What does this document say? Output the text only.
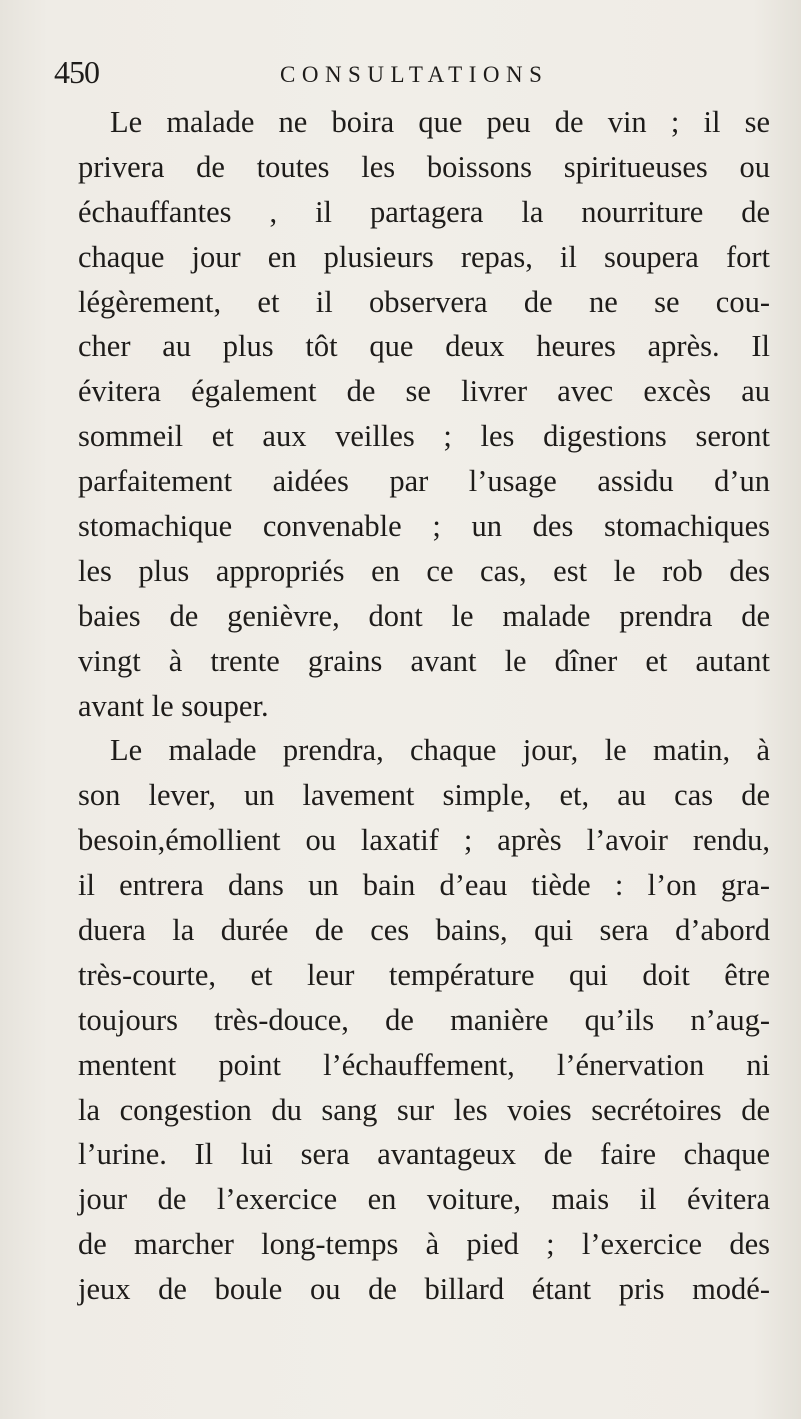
450	CONSULTATIONS
Le malade ne boira que peu de vin ; il se
privera de toutes les boissons spiritueuses ou
échauffantes , il partagera la nourriture de
chaque jour en plusieurs repas, il soupera fort
légèrement, et il observera de ne se cou-
cher au plus tôt que deux heures après. Il
évitera également de se livrer avec excès au
sommeil et aux veilles ; les digestions seront
parfaitement aidées par l’usage assidu d’un
stomachique convenable ; un des stomachiques
les plus appropriés en ce cas, est le rob des
baies de genièvre, dont le malade prendra de
vingt à trente grains avant le dîner et autant
avant le souper.
Le malade prendra, chaque jour, le matin, à
son lever, un lavement simple, et, au cas de
besoin,émollient ou laxatif ; après l’avoir rendu,
il entrera dans un bain d’eau tiède : l’on gra-
duera la durée de ces bains, qui sera d’abord
très-courte, et leur température qui doit être
toujours très-douce, de manière qu’ils n’aug-
mentent point l’échauffement, l’énervation ni
la congestion du sang sur les voies secrétoires de
l’urine. Il lui sera avantageux de faire chaque
jour de l’exercice en voiture, mais il évitera
de marcher long-temps à pied ; l’exercice des
jeux de boule ou de billard étant pris modé-
